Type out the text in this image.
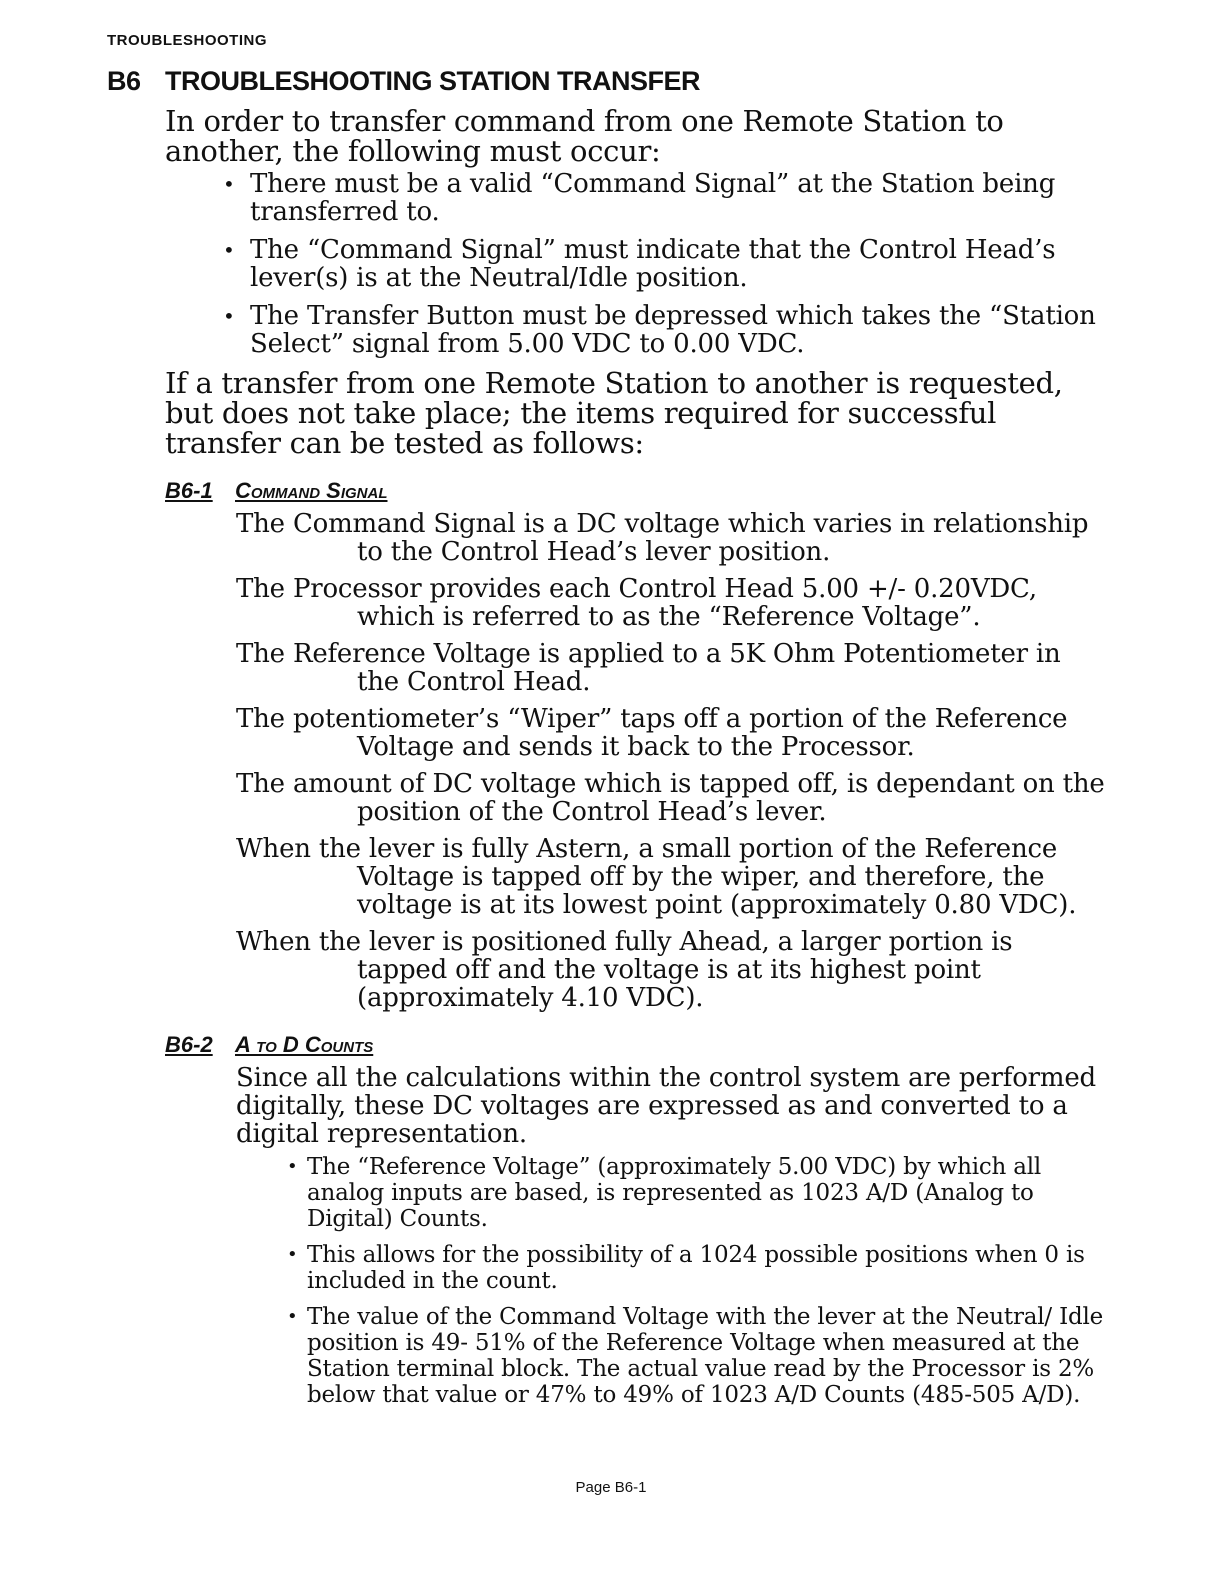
TROUBLESHOOTING
B6 TROUBLESHOOTING STATION TRANSFER

In order to transfer command from one Remote Station to another, the following must occur:

• There must be a valid “Command Signal” at the Station being transferred to.
• The “Command Signal” must indicate that the Control Head’s lever(s) is at the Neutral/Idle position.
• The Transfer Button must be depressed which takes the “Station Select” signal from 5.00 VDC to 0.00 VDC.

If a transfer from one Remote Station to another is requested, but does not take place; the items required for successful transfer can be tested as follows:

B6-1	Command Signal

The Command Signal is a DC voltage which varies in relationship to the Control Head’s lever position.

The Processor provides each Control Head 5.00 +/- 0.20VDC, which is referred to as the “Reference Voltage”.

The Reference Voltage is applied to a 5K Ohm Potentiometer in the Control Head.

The potentiometer’s “Wiper” taps off a portion of the Reference Voltage and sends it back to the Processor.

The amount of DC voltage which is tapped off, is dependant on the position of the Control Head’s lever.

When the lever is fully Astern, a small portion of the Reference Voltage is tapped off by the wiper, and therefore, the voltage is at its lowest point (approximately 0.80 VDC).

When the lever is positioned fully Ahead, a larger portion is tapped off and the voltage is at its highest point (approximately 4.10 VDC).

B6-2	A to D Counts

Since all the calculations within the control system are performed digitally, these DC voltages are expressed as and converted to a digital representation.

• The “Reference Voltage” (approximately 5.00 VDC) by which all analog inputs are based, is represented as 1023 A/D (Analog to Digital) Counts.
• This allows for the possibility of a 1024 possible positions when 0 is included in the count.
• The value of the Command Voltage with the lever at the Neutral/ Idle position is 49- 51% of the Reference Voltage when measured at the Station terminal block. The actual value read by the Processor is 2% below that value or 47% to 49% of 1023 A/D Counts (485-505 A/D).
Page B6-1
